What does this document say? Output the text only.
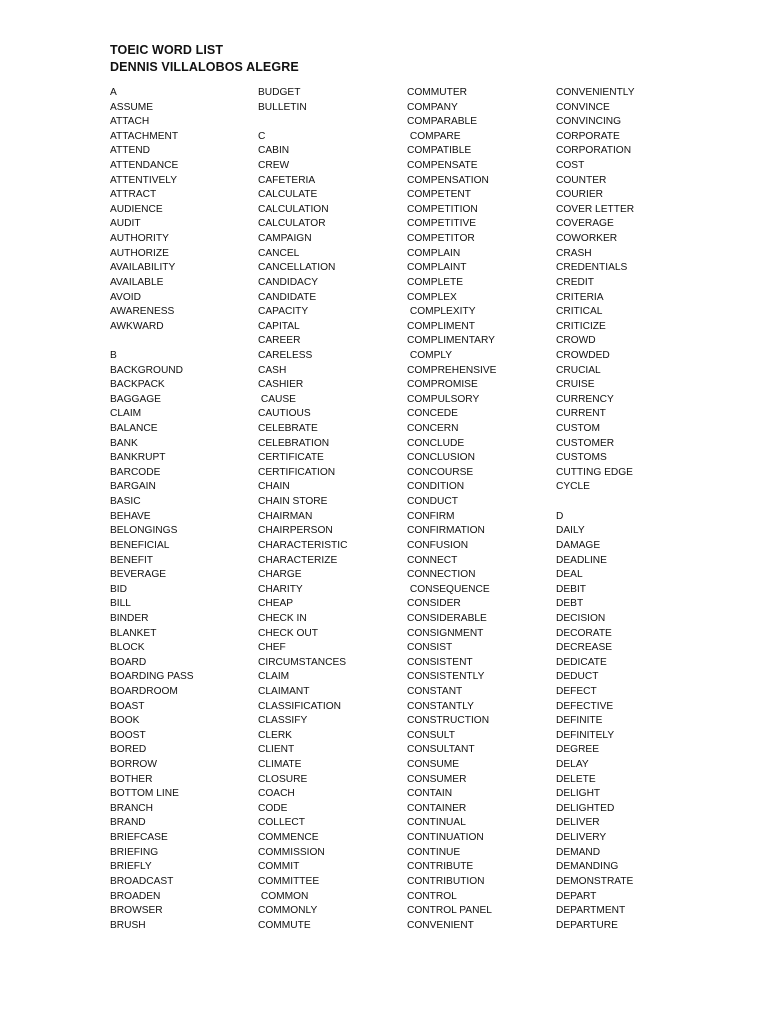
TOEIC WORD LIST
DENNIS VILLALOBOS ALEGRE
A
ASSUME
ATTACH
ATTACHMENT
ATTEND
ATTENDANCE
ATTENTIVELY
ATTRACT
AUDIENCE
AUDIT
AUTHORITY
AUTHORIZE
AVAILABILITY
AVAILABLE
AVOID
AWARENESS
AWKWARD
B
BACKGROUND
BACKPACK
BAGGAGE
CLAIM
BALANCE
BANK
BANKRUPT
BARCODE
BARGAIN
BASIC
BEHAVE
BELONGINGS
BENEFICIAL
BENEFIT
BEVERAGE
BID
BILL
BINDER
BLANKET
BLOCK
BOARD
BOARDING PASS
BOARDROOM
BOAST
BOOK
BOOST
BORED
BORROW
BOTHER
BOTTOM LINE
BRANCH
BRAND
BRIEFCASE
BRIEFING
BRIEFLY
BROADCAST
BROADEN
BROWSER
BRUSH
BUDGET
BULLETIN
C
CABIN
CREW
CAFETERIA
CALCULATE
CALCULATION
CALCULATOR
CAMPAIGN
CANCEL
CANCELLATION
CANDIDACY
CANDIDATE
CAPACITY
CAPITAL
CAREER
CARELESS
CASH
CASHIER
CAUSE
CAUTIOUS
CELEBRATE
CELEBRATION
CERTIFICATE
CERTIFICATION
CHAIN
CHAIN STORE
CHAIRMAN
CHAIRPERSON
CHARACTERISTIC
CHARACTERIZE
CHARGE
CHARITY
CHEAP
CHECK IN
CHECK OUT
CHEF
CIRCUMSTANCES
CLAIM
CLAIMANT
CLASSIFICATION
CLASSIFY
CLERK
CLIENT
CLIMATE
CLOSURE
COACH
CODE
COLLECT
COMMENCE
COMMISSION
COMMIT
COMMITTEE
COMMON
COMMONLY
COMMUTE
COMMUTER
COMPANY
COMPARABLE
COMPARE
COMPATIBLE
COMPENSATE
COMPENSATION
COMPETENT
COMPETITION
COMPETITIVE
COMPETITOR
COMPLAIN
COMPLAINT
COMPLETE
COMPLEX
COMPLEXITY
COMPLIMENT
COMPLIMENTARY
COMPLY
COMPREHENSIVE
COMPROMISE
COMPULSORY
CONCEDE
CONCERN
CONCLUDE
CONCLUSION
CONCOURSE
CONDITION
CONDUCT
CONFIRM
CONFIRMATION
CONFUSION
CONNECT
CONNECTION
CONSEQUENCE
CONSIDER
CONSIDERABLE
CONSIGNMENT
CONSIST
CONSISTENT
CONSISTENTLY
CONSTANT
CONSTANTLY
CONSTRUCTION
CONSULT
CONSULTANT
CONSUME
CONSUMER
CONTAIN
CONTAINER
CONTINUAL
CONTINUATION
CONTINUE
CONTRIBUTE
CONTRIBUTION
CONTROL
CONTROL PANEL
CONVENIENT
CONVENIENTLY
CONVINCE
CONVINCING
CORPORATE
CORPORATION
COST
COUNTER
COURIER
COVER LETTER
COVERAGE
COWORKER
CRASH
CREDENTIALS
CREDIT
CRITERIA
CRITICAL
CRITICIZE
CROWD
CROWDED
CRUCIAL
CRUISE
CURRENCY
CURRENT
CUSTOM
CUSTOMER
CUSTOMS
CUTTING EDGE
CYCLE
D
DAILY
DAMAGE
DEADLINE
DEAL
DEBIT
DEBT
DECISION
DECORATE
DECREASE
DEDICATE
DEDUCT
DEFECT
DEFECTIVE
DEFINITE
DEFINITELY
DEGREE
DELAY
DELETE
DELIGHT
DELIGHTED
DELIVER
DELIVERY
DEMAND
DEMANDING
DEMONSTRATE
DEPART
DEPARTMENT
DEPARTURE
